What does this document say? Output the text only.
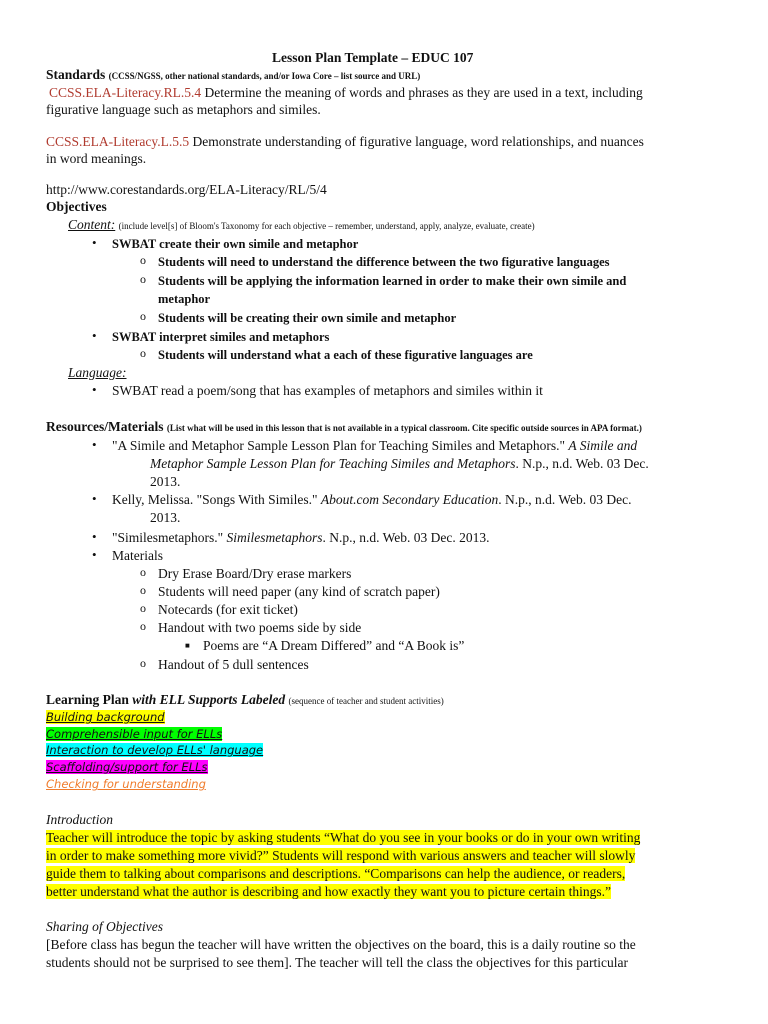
Lesson Plan Template – EDUC 107
Standards (CCSS/NGSS, other national standards, and/or Iowa Core – list source and URL)
CCSS.ELA-Literacy.RL.5.4 Determine the meaning of words and phrases as they are used in a text, including
figurative language such as metaphors and similes.
CCSS.ELA-Literacy.L.5.5 Demonstrate understanding of figurative language, word relationships, and nuances
in word meanings.
http://www.corestandards.org/ELA-Literacy/RL/5/4
Objectives
Content: (include level[s] of Bloom's Taxonomy for each objective – remember, understand, apply, analyze, evaluate, create)
• SWBAT create their own simile and metaphor
o Students will need to understand the difference between the two figurative languages
o Students will be applying the information learned in order to make their own simile and
metaphor
o Students will be creating their own simile and metaphor
• SWBAT interpret similes and metaphors
o Students will understand what a each of these figurative languages are
Language:
• SWBAT read a poem/song that has examples of metaphors and similes within it
Resources/Materials (List what will be used in this lesson that is not available in a typical classroom. Cite specific outside sources in APA format.)
• "A Simile and Metaphor Sample Lesson Plan for Teaching Similes and Metaphors." A Simile and
Metaphor Sample Lesson Plan for Teaching Similes and Metaphors. N.p., n.d. Web. 03 Dec.
2013.
• Kelly, Melissa. "Songs With Similes." About.com Secondary Education. N.p., n.d. Web. 03 Dec.
2013.
• "Similesmetaphors." Similesmetaphors. N.p., n.d. Web. 03 Dec. 2013.
• Materials
o Dry Erase Board/Dry erase markers
o Students will need paper (any kind of scratch paper)
o Notecards (for exit ticket)
o Handout with two poems side by side
■ Poems are “A Dream Differed” and “A Book is”
o Handout of 5 dull sentences
Learning Plan with ELL Supports Labeled (sequence of teacher and student activities)
Building background
Comprehensible input for ELLs
Interaction to develop ELLs' language
Scaffolding/support for ELLs
Checking for understanding
Introduction
Teacher will introduce the topic by asking students “What do you see in your books or do in your own writing
in order to make something more vivid?” Students will respond with various answers and teacher will slowly
guide them to talking about comparisons and descriptions. “Comparisons can help the audience, or readers,
better understand what the author is describing and how exactly they want you to picture certain things.”
Sharing of Objectives
[Before class has begun the teacher will have written the objectives on the board, this is a daily routine so the
students should not be surprised to see them]. The teacher will tell the class the objectives for this particular
